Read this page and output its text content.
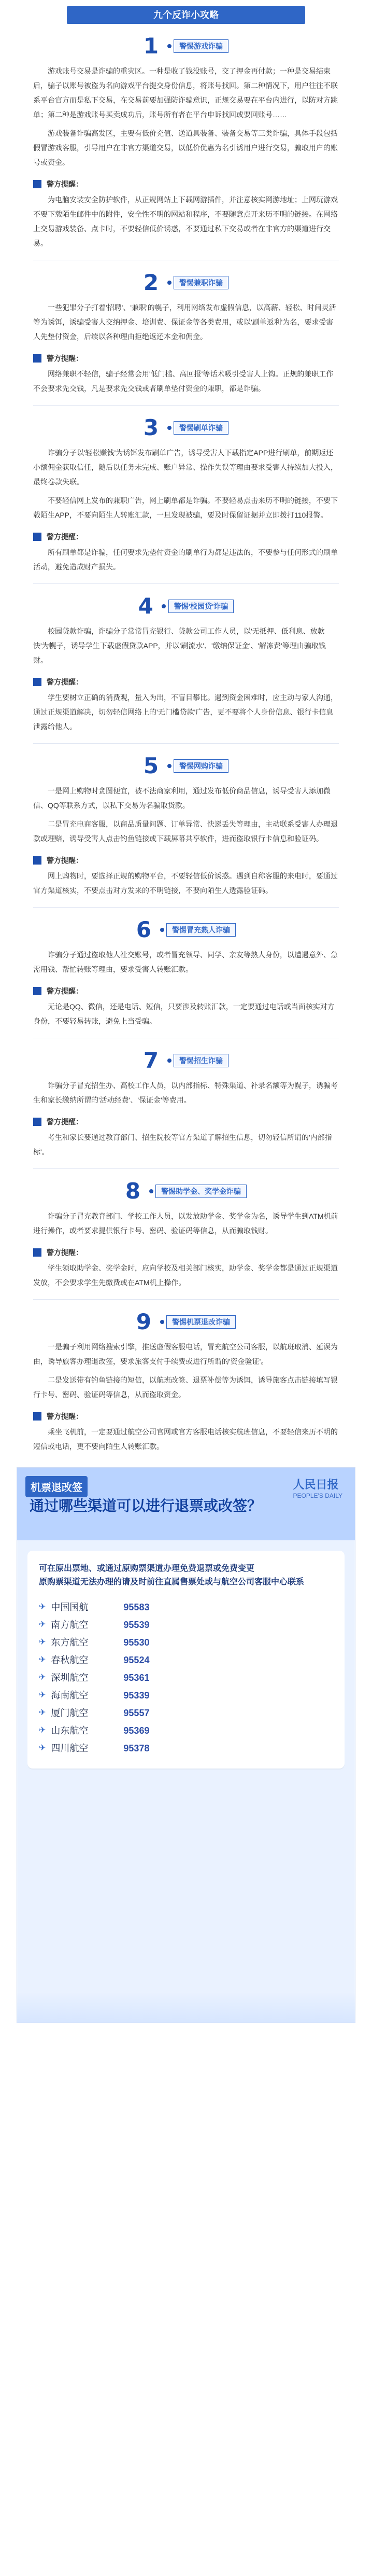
九个反诈小攻略
1	警惕游戏诈骗

游戏账号交易是诈骗的重灾区。一种是收了钱没账号，交了押金再付款；一种是交易结束后，骗子以账号被盗为名向游戏平台提交身份信息，将账号找回。第二种情况下，用户往往不联系平台官方而是私下交易，在交易前要加强防诈骗意识，正规交易要在平台内进行，以防对方跳单；第二种是游戏账号买卖成功后，账号所有者在平台申诉找回或要回账号……

游戏装备诈骗高发区，主要有低价充值、送道具装备、装备交易等三类诈骗，具体手段包括假冒游戏客服，引导用户在非官方渠道交易，以低价优惠为名引诱用户进行交易，骗取用户的账号或资金。

警方提醒：

为电脑安装安全防护软件，从正规网站上下载网游插件，并注意核实网游地址；上网玩游戏不要下载陌生邮件中的附件，安全性不明的网站和程序，不要随意点开来历不明的链接。在网络上交易游戏装备、点卡时，不要轻信低价诱惑，不要通过私下交易或者在非官方的渠道进行交易。

2	警惕兼职诈骗

一些犯罪分子打着'招聘'、'兼职'的幌子，利用网络发布虚假信息，以高薪、轻松、时间灵活等为诱饵，诱骗受害人交纳押金、培训费、保证金等各类费用，或以'刷单返利'为名，要求受害人先垫付资金，后续以各种理由拒绝返还本金和佣金。

警方提醒：

网络兼职不轻信，骗子经常会用'低门槛、高回报'等话术吸引受害人上钩。正规的兼职工作不会要求先交钱，凡是要求先交钱或者刷单垫付资金的兼职，都是诈骗。

3	警惕刷单诈骗

诈骗分子以'轻松赚钱'为诱饵发布刷单广告，诱导受害人下载指定APP进行刷单，前期返还小额佣金获取信任，随后以任务未完成、账户异常、操作失误等理由要求受害人持续加大投入，最终卷款失联。

不要轻信网上发布的兼职广告，网上刷单都是诈骗。不要轻易点击来历不明的链接，不要下载陌生APP，不要向陌生人转账汇款，一旦发现被骗，要及时保留证据并立即拨打110报警。

警方提醒：

所有刷单都是诈骗，任何要求先垫付资金的刷单行为都是违法的，不要参与任何形式的刷单活动，避免造成财产损失。

4	警惕'校园贷'诈骗

校园贷款诈骗，诈骗分子常常冒充银行、贷款公司工作人员，以'无抵押、低利息、放款快'为幌子，诱导学生下载虚假贷款APP，并以'刷流水'、'缴纳保证金'、'解冻费'等理由骗取钱财。

警方提醒：

学生要树立正确的消费观，量入为出，不盲目攀比。遇到资金困难时，应主动与家人沟通，通过正规渠道解决，切勿轻信网络上的'无门槛贷款'广告，更不要将个人身份信息、银行卡信息泄露给他人。

5	警惕网购诈骗

一是网上购物时贪图便宜，被不法商家利用，通过发布低价商品信息，诱导受害人添加微信、QQ等联系方式，以私下交易为名骗取货款。

二是冒充电商客服，以商品质量问题、订单异常、快递丢失等理由，主动联系受害人办理退款或理赔，诱导受害人点击钓鱼链接或下载屏幕共享软件，进而盗取银行卡信息和验证码。

警方提醒：

网上购物时，要选择正规的购物平台，不要轻信低价诱惑。遇到自称客服的来电时，要通过官方渠道核实，不要点击对方发来的不明链接，不要向陌生人透露验证码。

6	警惕冒充熟人诈骗

诈骗分子通过盗取他人社交账号，或者冒充领导、同学、亲友等熟人身份，以遭遇意外、急需用钱、帮忙转账等理由，要求受害人转账汇款。

警方提醒：

无论是QQ、微信，还是电话、短信，只要涉及转账汇款，一定要通过电话或当面核实对方身份，不要轻易转账，避免上当受骗。

7	警惕招生诈骗

诈骗分子冒充招生办、高校工作人员，以内部指标、特殊渠道、补录名额等为幌子，诱骗考生和家长缴纳所谓的'活动经费'、'保证金'等费用。

警方提醒：

考生和家长要通过教育部门、招生院校等官方渠道了解招生信息，切勿轻信所谓的'内部指标'。

8	警惕助学金、奖学金诈骗

诈骗分子冒充教育部门、学校工作人员，以发放助学金、奖学金为名，诱导学生到ATM机前进行操作，或者要求提供银行卡号、密码、验证码等信息，从而骗取钱财。

警方提醒：

学生领取助学金、奖学金时，应向学校及相关部门核实，助学金、奖学金都是通过正规渠道发放，不会要求学生先缴费或在ATM机上操作。

9	警惕机票退改诈骗

一是骗子利用网络搜索引擎，推送虚假客服电话，冒充航空公司客服，以航班取消、延误为由，诱导旅客办理退改签，要求旅客支付手续费或进行所谓的'资金验证'。

二是发送带有钓鱼链接的短信，以航班改签、退票补偿等为诱饵，诱导旅客点击链接填写银行卡号、密码、验证码等信息，从而盗取资金。

警方提醒：

乘坐飞机前，一定要通过航空公司官网或官方客服电话核实航班信息，不要轻信来历不明的短信或电话，更不要向陌生人转账汇款。

机票退改签	人民日报
PEOPLE'S DAILY
通过哪些渠道可以进行退票或改签？
可在原出票地、或通过原购票渠道办理免费退票或免费变更
原购票渠道无法办理的请及时前往直属售票处或与航空公司客服中心联系
✈ 中国国航	95583
✈ 南方航空	95539
✈ 东方航空	95530
✈ 春秋航空	95524
✈ 深圳航空	95361
✈ 海南航空	95339
✈ 厦门航空	95557
✈ 山东航空	95369
✈ 四川航空	95378
